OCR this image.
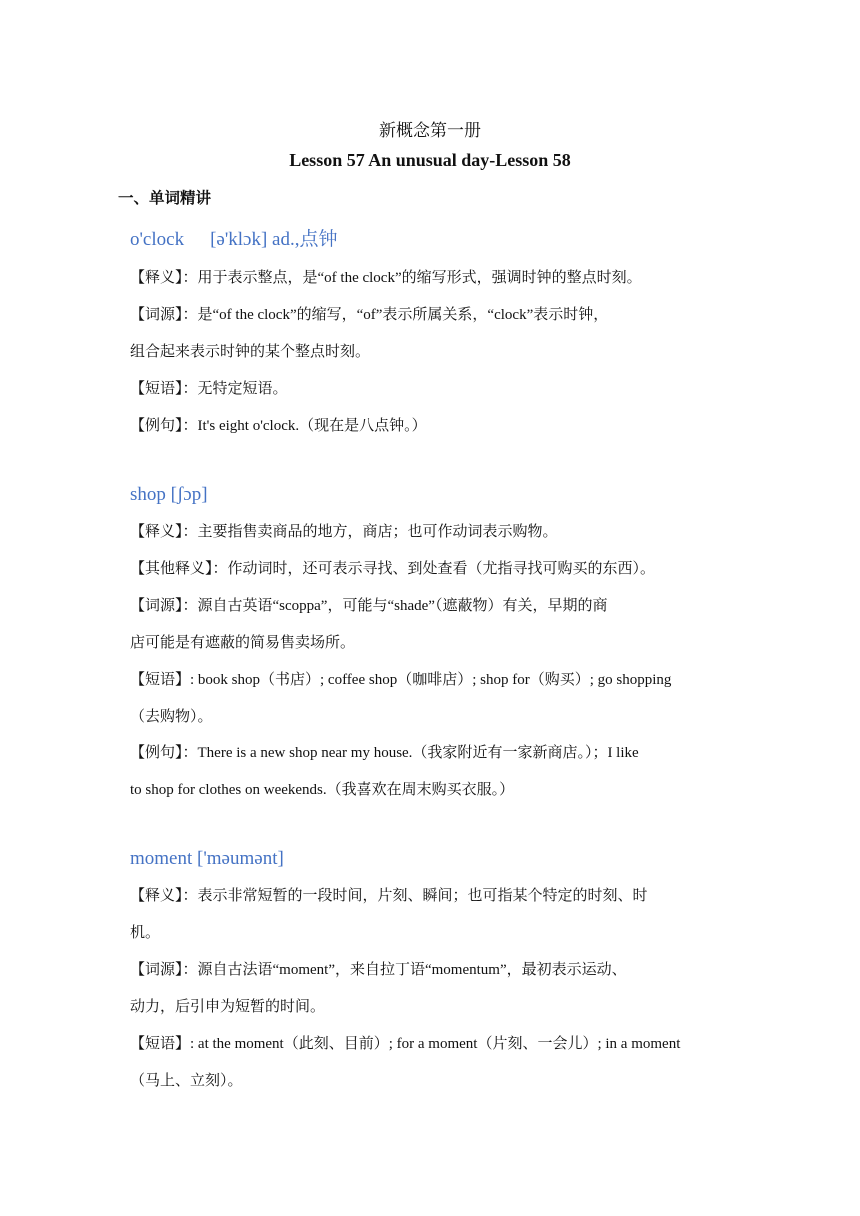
新概念第一册
Lesson 57 An unusual day-Lesson 58
一、单词精讲
o'clock [ə'klɔk] ad.,点钟
【释义】：用于表示整点，是“of the clock”的缩写形式，强调时钟的整点时刻。
【词源】：是“of the clock”的缩写，“of”表示所属关系，“clock”表示时钟，
组合起来表示时钟的某个整点时刻。
【短语】：无特定短语。
【例句】：It's eight o'clock.（现在是八点钟。）
shop [ʃɔp]
【释义】：主要指售卖商品的地方，商店；也可作动词表示购物。
【其他释义】：作动词时，还可表示寻找、到处查看（尤指寻找可购买的东西）。
【词源】：源自古英语“scoppa”，可能与“shade”（遮蔽物）有关，早期的商
店可能是有遮蔽的简易售卖场所。
【短语】: book shop（书店）; coffee shop（咖啡店）; shop for（购买）; go shopping
（去购物）。
【例句】：There is a new shop near my house.（我家附近有一家新商店。）；I like
to shop for clothes on weekends.（我喜欢在周末购买衣服。）
moment ['məumənt]
【释义】：表示非常短暂的一段时间，片刻、瞬间；也可指某个特定的时刻、时
机。
【词源】：源自古法语“moment”，来自拉丁语“momentum”，最初表示运动、
动力，后引申为短暂的时间。
【短语】: at the moment（此刻、目前）; for a moment（片刻、一会儿）; in a moment
（马上、立刻）。
